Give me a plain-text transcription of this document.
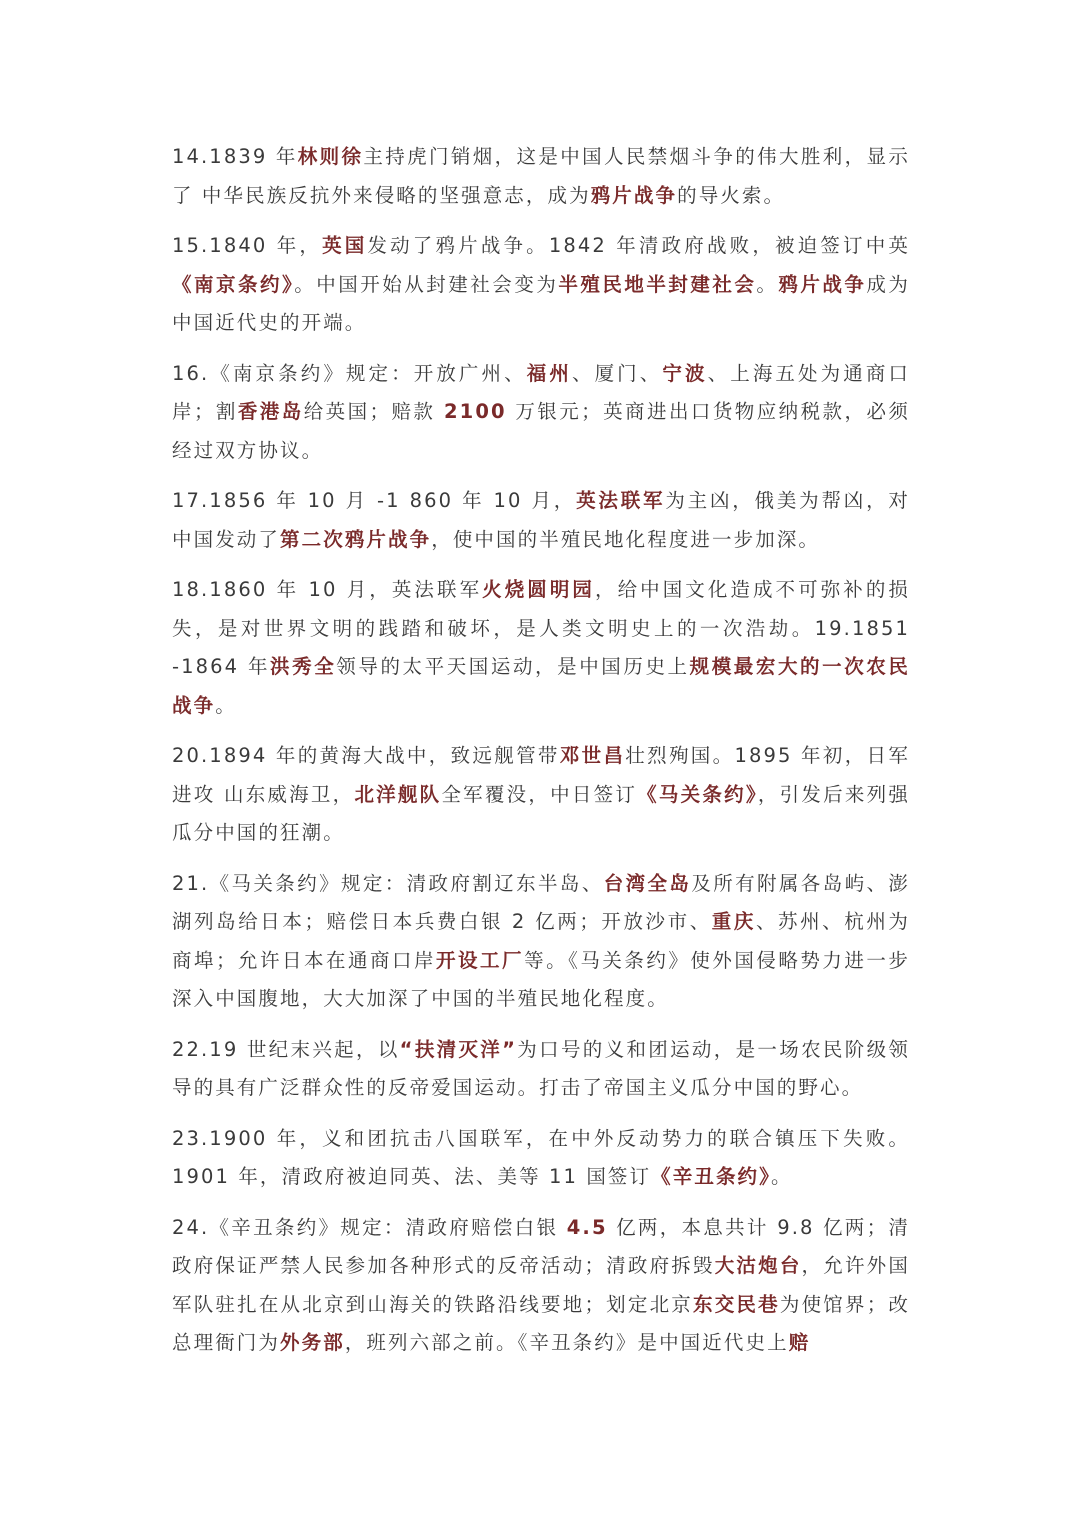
14.1839 年林则徐主持虎门销烟，这是中国人民禁烟斗争的伟大胜利，显示了 中华民族反抗外来侵略的坚强意志，成为鸦片战争的导火索。

15.1840 年，英国发动了鸦片战争。1842 年清政府战败，被迫签订中英《南京条约》。中国开始从封建社会变为半殖民地半封建社会。鸦片战争成为中国近代史的开端。

16.《南京条约》规定：开放广州、福州、厦门、宁波、上海五处为通商口岸；割香港岛给英国；赔款 2100 万银元；英商进出口货物应纳税款，必须经过双方协议。

17.1856 年 10 月 -1 860 年 10 月，英法联军为主凶，俄美为帮凶，对中国发动了第二次鸦片战争，使中国的半殖民地化程度进一步加深。

18.1860 年 10 月，英法联军火烧圆明园，给中国文化造成不可弥补的损失，是对世界文明的践踏和破坏，是人类文明史上的一次浩劫。19.1851 -1864 年洪秀全领导的太平天国运动，是中国历史上规模最宏大的一次农民战争。

20.1894 年的黄海大战中，致远舰管带邓世昌壮烈殉国。1895 年初，日军进攻 山东威海卫，北洋舰队全军覆没，中日签订《马关条约》，引发后来列强瓜分中国的狂潮。

21.《马关条约》规定：清政府割辽东半岛、台湾全岛及所有附属各岛屿、澎湖列岛给日本；赔偿日本兵费白银 2 亿两；开放沙市、重庆、苏州、杭州为商埠；允许日本在通商口岸开设工厂等。《马关条约》使外国侵略势力进一步深入中国腹地，大大加深了中国的半殖民地化程度。

22.19 世纪末兴起，以“扶清灭洋”为口号的义和团运动，是一场农民阶级领导的具有广泛群众性的反帝爱国运动。打击了帝国主义瓜分中国的野心。

23.1900 年，义和团抗击八国联军，在中外反动势力的联合镇压下失败。1901 年，清政府被迫同英、法、美等 11 国签订《辛丑条约》。

24.《辛丑条约》规定：清政府赔偿白银 4.5 亿两，本息共计 9.8 亿两；清政府保证严禁人民参加各种形式的反帝活动；清政府拆毁大沽炮台，允许外国军队驻扎在从北京到山海关的铁路沿线要地；划定北京东交民巷为使馆界；改总理衙门为外务部，班列六部之前。《辛丑条约》是中国近代史上赔
